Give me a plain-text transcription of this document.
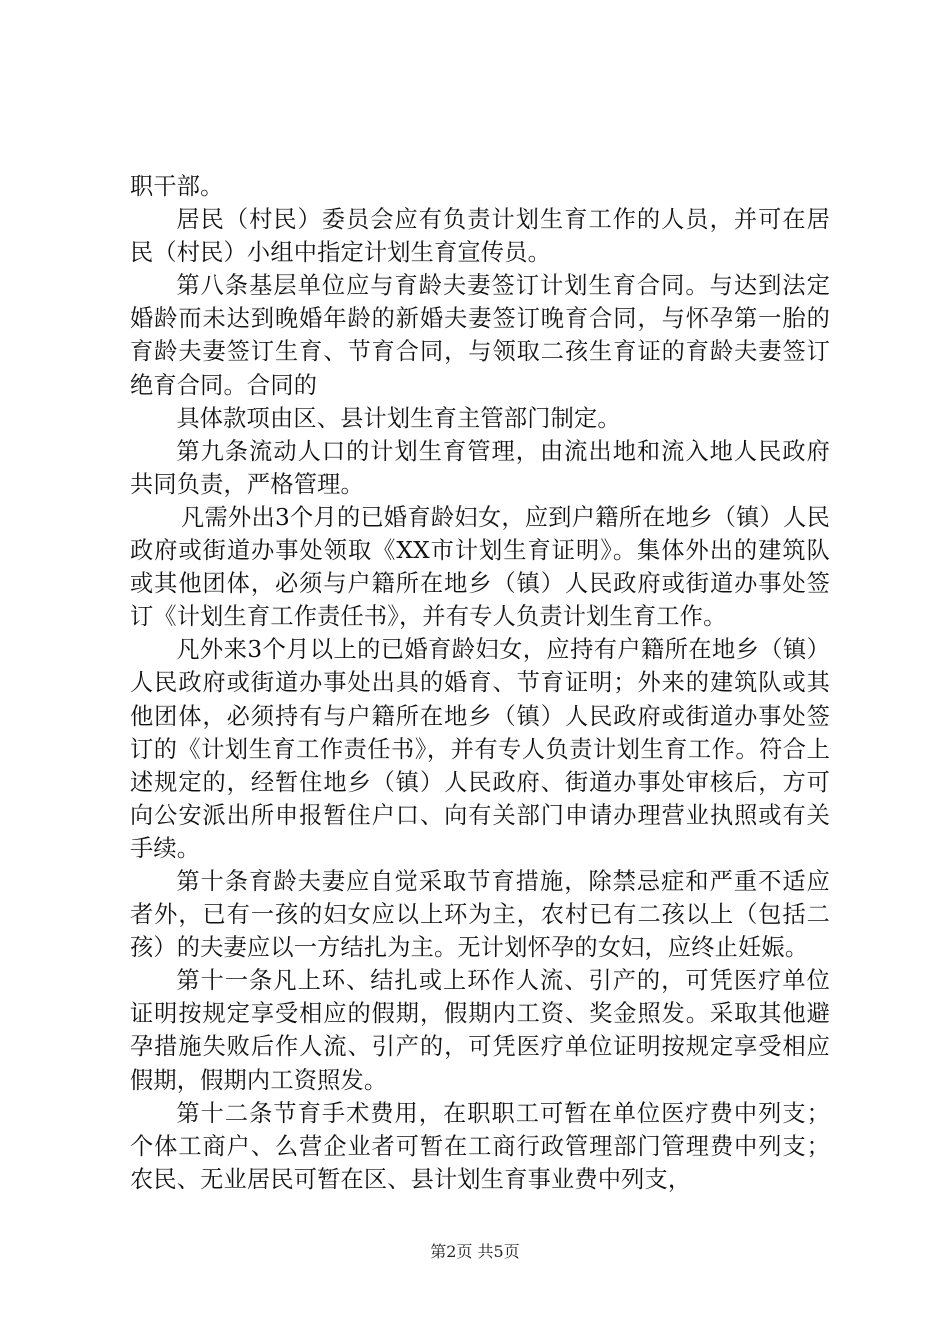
职干部。

居民（村民）委员会应有负责计划生育工作的人员，并可在居民（村民）小组中指定计划生育宣传员。

第八条基层单位应与育龄夫妻签订计划生育合同。与达到法定婚龄而未达到晚婚年龄的新婚夫妻签订晚育合同，与怀孕第一胎的育龄夫妻签订生育、节育合同，与领取二孩生育证的育龄夫妻签订绝育合同。合同的

具体款项由区、县计划生育主管部门制定。

第九条流动人口的计划生育管理，由流出地和流入地人民政府共同负责，严格管理。

凡需外出3个月的已婚育龄妇女，应到户籍所在地乡（镇）人民政府或街道办事处领取《XX市计划生育证明》。集体外出的建筑队或其他团体，必须与户籍所在地乡（镇）人民政府或街道办事处签订《计划生育工作责任书》，并有专人负责计划生育工作。

凡外来3个月以上的已婚育龄妇女，应持有户籍所在地乡（镇）人民政府或街道办事处出具的婚育、节育证明；外来的建筑队或其他团体，必须持有与户籍所在地乡（镇）人民政府或街道办事处签订的《计划生育工作责任书》，并有专人负责计划生育工作。符合上述规定的，经暂住地乡（镇）人民政府、街道办事处审核后，方可向公安派出所申报暂住户口、向有关部门申请办理营业执照或有关手续。

第十条育龄夫妻应自觉采取节育措施，除禁忌症和严重不适应者外，已有一孩的妇女应以上环为主，农村已有二孩以上（包括二孩）的夫妻应以一方结扎为主。无计划怀孕的女妇，应终止妊娠。

第十一条凡上环、结扎或上环作人流、引产的，可凭医疗单位证明按规定享受相应的假期，假期内工资、奖金照发。采取其他避孕措施失败后作人流、引产的，可凭医疗单位证明按规定享受相应假期，假期内工资照发。

第十二条节育手术费用，在职职工可暂在单位医疗费中列支；个体工商户、么营企业者可暂在工商行政管理部门管理费中列支；农民、无业居民可暂在区、县计划生育事业费中列支，

第2页 共5页
